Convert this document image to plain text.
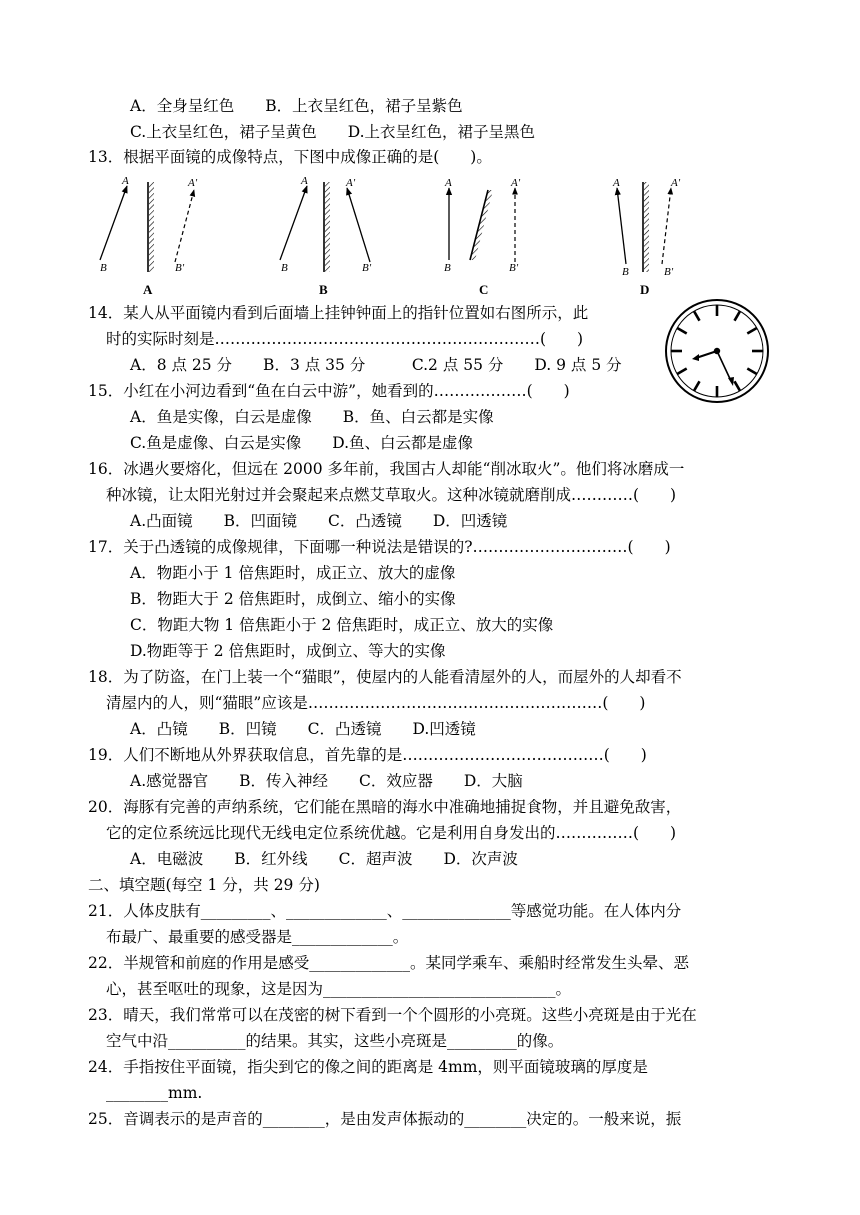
A．全身呈红色　　B．上衣呈红色，裙子呈紫色
C.上衣呈红色，裙子呈黄色　　D.上衣呈红色，裙子呈黑色
13．根据平面镜的成像特点，下图中成像正确的是(　　)。
A
B
A′
B′
A
A
B
A′
B′
B
A
B
A′
B′
C
A
B
A′
B′
D
14．某人从平面镜内看到后面墙上挂钟钟面上的指针位置如右图所示，此
时的实际时刻是………………………………………………………(　　)
A．8 点 25 分　　B．3 点 35 分　　　C.2 点 55 分　　D. 9 点 5 分
15．小红在小河边看到“鱼在白云中游”，她看到的………………(　　)
A．鱼是实像，白云是虚像　　B．鱼、白云都是实像
C.鱼是虚像、白云是实像　　D.鱼、白云都是虚像
16．冰遇火要熔化，但远在 2000 多年前，我国古人却能“削冰取火”。他们将冰磨成一
种冰镜，让太阳光射过并会聚起来点燃艾草取火。这种冰镜就磨削成…………(　　)
A.凸面镜　　B．凹面镜　　C．凸透镜　　D．凹透镜
17．关于凸透镜的成像规律，下面哪一种说法是错误的?…………………………(　　)
A．物距小于 1 倍焦距时，成正立、放大的虚像
B．物距大于 2 倍焦距时，成倒立、缩小的实像
C．物距大物 1 倍焦距小于 2 倍焦距时，成正立、放大的实像
D.物距等于 2 倍焦距时，成倒立、等大的实像
18．为了防盗，在门上装一个“猫眼”，使屋内的人能看清屋外的人，而屋外的人却看不
清屋内的人，则“猫眼”应该是…………………………………………………(　　)
A．凸镜　　B．凹镜　　C．凸透镜　　D.凹透镜
19．人们不断地从外界获取信息，首先靠的是…………………………………(　　)
A.感觉器官　　B．传入神经　　C．效应器　　D．大脑
20．海豚有完善的声纳系统，它们能在黑暗的海水中准确地捕捉食物，并且避免敌害，
它的定位系统远比现代无线电定位系统优越。它是利用自身发出的……………(　　)
A．电磁波　　B．红外线　　C．超声波　　D．次声波
二、填空题(每空 1 分，共 29 分)
21．人体皮肤有_________、_____________、______________等感觉功能。在人体内分
布最广、最重要的感受器是_____________。
22．半规管和前庭的作用是感受_____________。某同学乘车、乘船时经常发生头晕、恶
心，甚至呕吐的现象，这是因为______________________________。
23．晴天，我们常常可以在茂密的树下看到一个个圆形的小亮斑。这些小亮斑是由于光在
空气中沿__________的结果。其实，这些小亮斑是_________的像。
24．手指按住平面镜，指尖到它的像之间的距离是 4mm，则平面镜玻璃的厚度是
________mm.
25．音调表示的是声音的________，是由发声体振动的________决定的。一般来说，振
